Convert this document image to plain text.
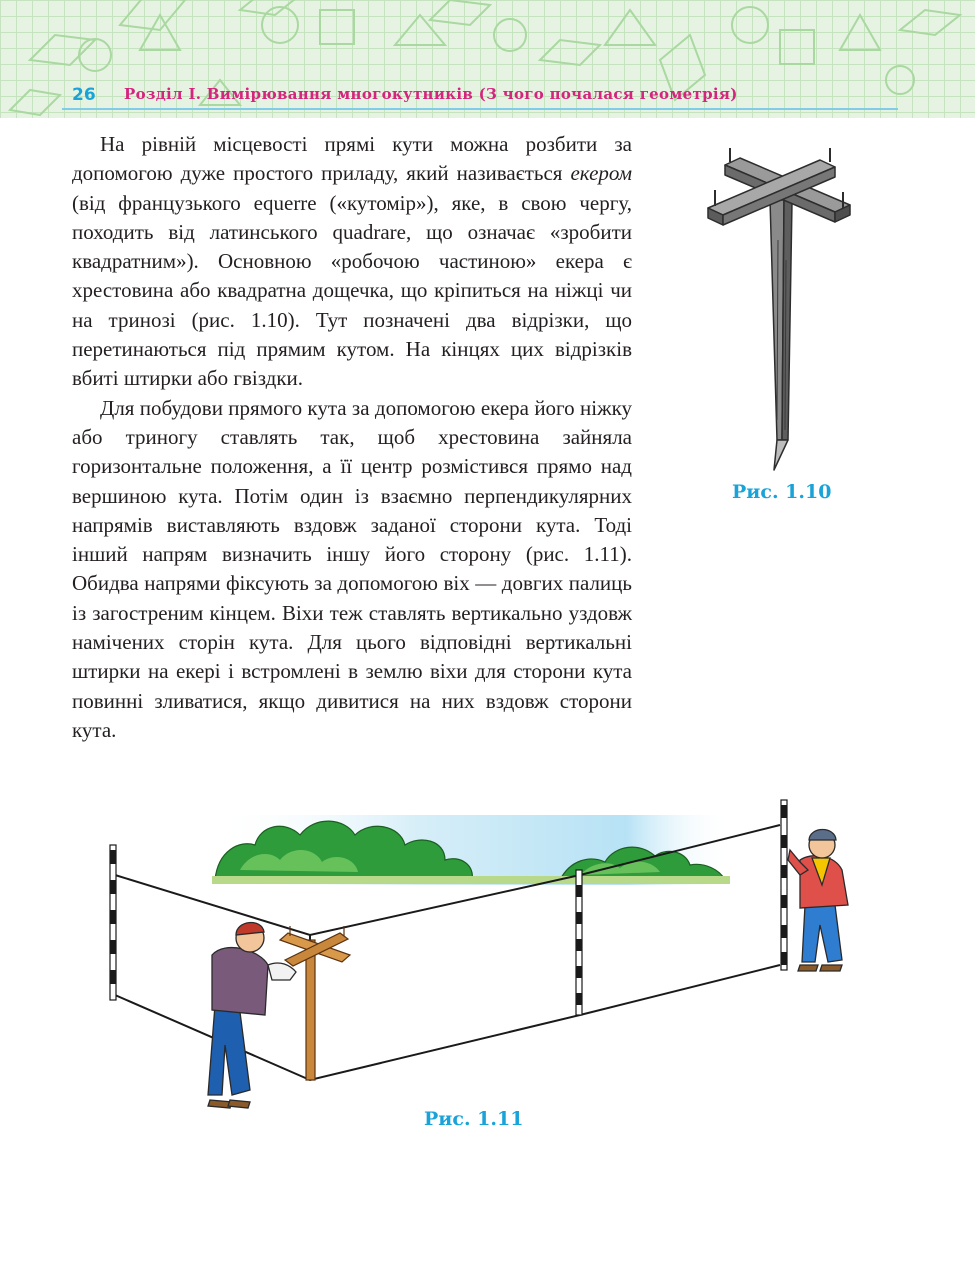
26 Розділ І. Вимірювання многокутників (З чого почалася геометрія)

На рівній місцевості прямі кути можна розбити за допомогою дуже простого приладу, який називається екером (від французького equerre («кутомір»), яке, в свою чергу, походить від латинського quadrare, що означає «зробити квадратним»). Основною «робочою частиною» екера є хрестовина або квадратна дощечка, що кріпиться на ніжці чи на тринозі (рис. 1.10). Тут позначені два відрізки, що перетинаються під прямим кутом. На кінцях цих відрізків вбиті штирки або гвіздки.

Для побудови прямого кута за допомогою екера його ніжку або триногу ставлять так, щоб хрестовина зайняла горизонтальне положення, а її центр розмістився прямо над вершиною кута. Потім один із взаємно перпендикулярних напрямів виставляють вздовж заданої сторони кута. Тоді інший напрям визначить іншу його сторону (рис. 1.11). Обидва напрями фіксують за допомогою віх — довгих палиць із загостреним кінцем. Віхи теж ставлять вертикально уздовж намічених сторін кута. Для цього відповідні вертикальні штирки на екері і встромлені в землю віхи для сторони кута повинні зливатися, якщо дивитися на них вздовж сторони кута.

Рис. 1.10
Рис. 1.11
